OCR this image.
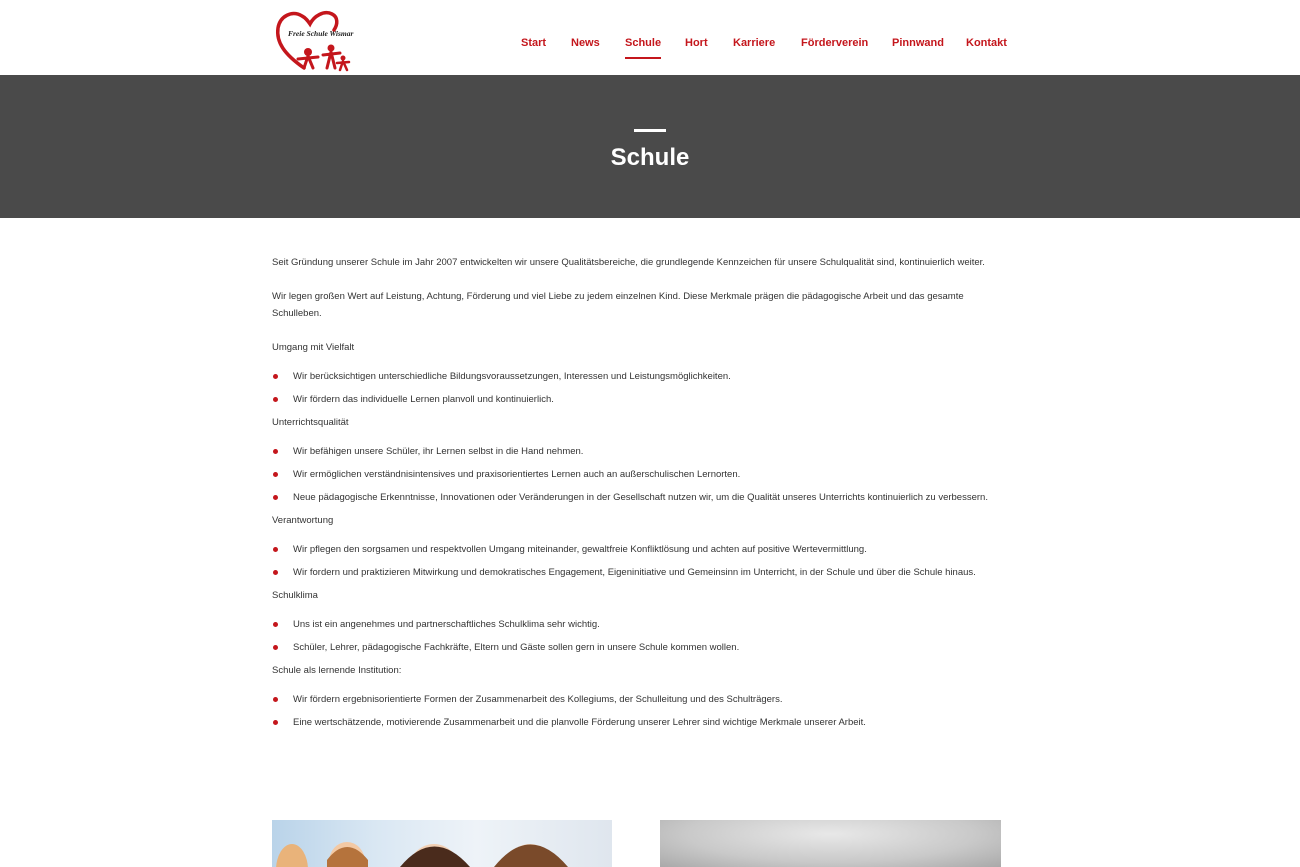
Freie Schule Wismar
Start News Schule Hort Karriere Förderverein Pinnwand Kontakt
Schule

Seit Gründung unserer Schule im Jahr 2007 entwickelten wir unsere Qualitätsbereiche, die grundlegende Kennzeichen für unsere Schulqualität sind, kontinuierlich weiter.

Wir legen großen Wert auf Leistung, Achtung, Förderung und viel Liebe zu jedem einzelnen Kind. Diese Merkmale prägen die pädagogische Arbeit und das gesamte Schulleben.

Umgang mit Vielfalt

Wir berücksichtigen unterschiedliche Bildungsvoraussetzungen, Interessen und Leistungsmöglichkeiten.
Wir fördern das individuelle Lernen planvoll und kontinuierlich.

Unterrichtsqualität

Wir befähigen unsere Schüler, ihr Lernen selbst in die Hand nehmen.
Wir ermöglichen verständnisintensives und praxisorientiertes Lernen auch an außerschulischen Lernorten.
Neue pädagogische Erkenntnisse, Innovationen oder Veränderungen in der Gesellschaft nutzen wir, um die Qualität unseres Unterrichts kontinuierlich zu verbessern.

Verantwortung

Wir pflegen den sorgsamen und respektvollen Umgang miteinander, gewaltfreie Konfliktlösung und achten auf positive Wertevermittlung.
Wir fordern und praktizieren Mitwirkung und demokratisches Engagement, Eigeninitiative und Gemeinsinn im Unterricht, in der Schule und über die Schule hinaus.

Schulklima

Uns ist ein angenehmes und partnerschaftliches Schulklima sehr wichtig.
Schüler, Lehrer, pädagogische Fachkräfte, Eltern und Gäste sollen gern in unsere Schule kommen wollen.

Schule als lernende Institution:

Wir fördern ergebnisorientierte Formen der Zusammenarbeit des Kollegiums, der Schulleitung und des Schulträgers.
Eine wertschätzende, motivierende Zusammenarbeit und die planvolle Förderung unserer Lehrer sind wichtige Merkmale unserer Arbeit.
